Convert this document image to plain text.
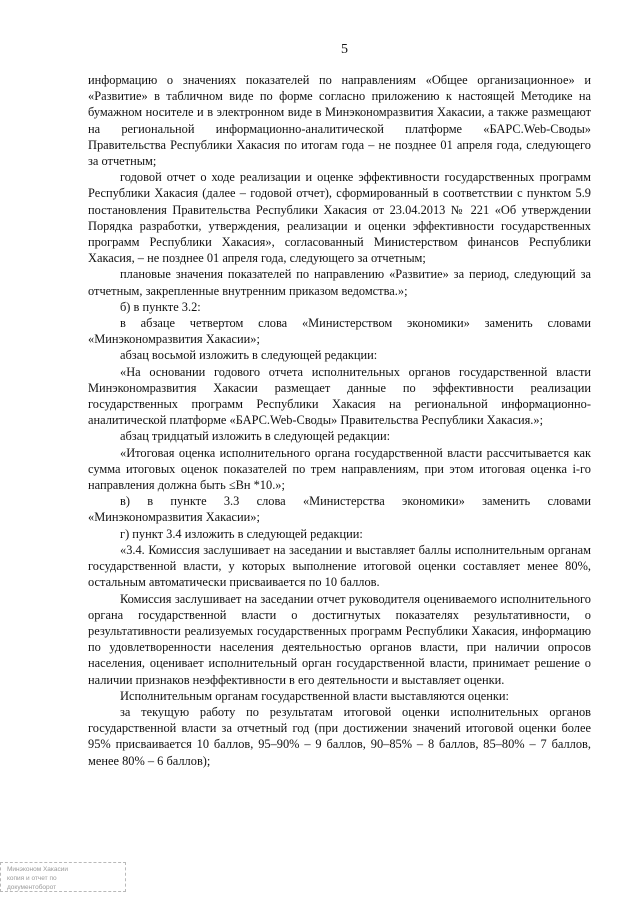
5

информацию о значениях показателей по направлениям «Общее организационное» и «Развитие» в табличном виде по форме согласно приложению к настоящей Методике на бумажном носителе и в электронном виде в Минэкономразвития Хакасии, а также размещают на региональной информационно-аналитической платформе «БАРС.Web-Своды» Правительства Республики Хакасия по итогам года – не позднее 01 апреля года, следующего за отчетным;

годовой отчет о ходе реализации и оценке эффективности государственных программ Республики Хакасия (далее – годовой отчет), сформированный в соответствии с пунктом 5.9 постановления Правительства Республики Хакасия от 23.04.2013 № 221 «Об утверждении Порядка разработки, утверждения, реализации и оценки эффективности государственных программ Республики Хакасия», согласованный Министерством финансов Республики Хакасия, – не позднее 01 апреля года, следующего за отчетным;

плановые значения показателей по направлению «Развитие» за период, следующий за отчетным, закрепленные внутренним приказом ведомства.»;

б) в пункте 3.2:

в абзаце четвертом слова «Министерством экономики» заменить словами «Минэкономразвития Хакасии»;

абзац восьмой изложить в следующей редакции:

«На основании годового отчета исполнительных органов государственной власти Минэкономразвития Хакасии размещает данные по эффективности реализации государственных программ Республики Хакасия на региональной информационно-аналитической платформе «БАРС.Web-Своды» Правительства Республики Хакасия.»;

абзац тридцатый изложить в следующей редакции:

«Итоговая оценка исполнительного органа государственной власти рассчитывается как сумма итоговых оценок показателей по трем направлениям, при этом итоговая оценка i-го направления должна быть ≤Bн *10.»;

в) в пункте 3.3 слова «Министерства экономики» заменить словами «Минэкономразвития Хакасии»;

г) пункт 3.4 изложить в следующей редакции:

«3.4. Комиссия заслушивает на заседании и выставляет баллы исполнительным органам государственной власти, у которых выполнение итоговой оценки составляет менее 80%, остальным автоматически присваивается по 10 баллов.

Комиссия заслушивает на заседании отчет руководителя оцениваемого исполнительного органа государственной власти о достигнутых показателях результативности, о результативности реализуемых государственных программ Республики Хакасия, информацию по удовлетворенности населения деятельностью органов власти, при наличии опросов населения, оценивает исполнительный орган государственной власти, принимает решение о наличии признаков неэффективности в его деятельности и выставляет оценки.

Исполнительным органам государственной власти выставляются оценки:

за текущую работу по результатам итоговой оценки исполнительных органов государственной власти за отчетный год (при достижении значений итоговой оценки более 95% присваивается 10 баллов, 95–90% – 9 баллов, 90–85% – 8 баллов, 85–80% – 7 баллов, менее 80% – 6 баллов);

Минэконом Хакасии
копия и отчет по
документоборот
